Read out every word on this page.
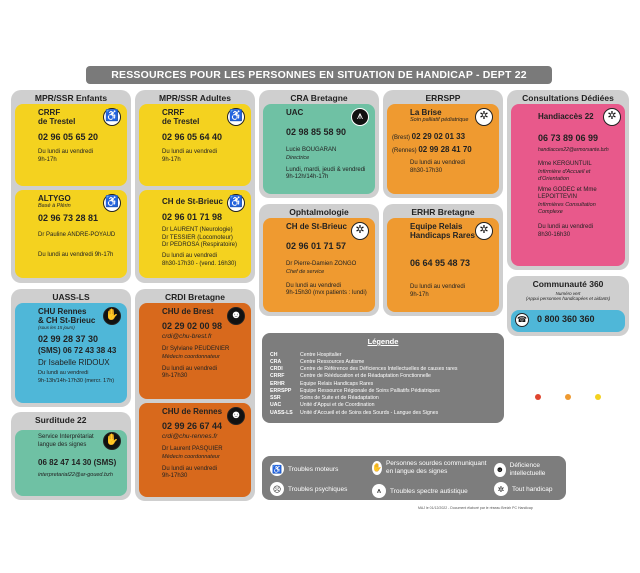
RESSOURCES POUR LES PERSONNES EN SITUATION DE HANDICAP - DEPT 22
MPR/SSR Enfants
CRRF
de Trestel
02 96 05 65 20
Du lundi au vendredi
9h-17h
♿
ALTYGO
Basé à Plérin
02 96 73 28 81
Dr Pauline ANDRE-POYAUD
Du lundi au vendredi 9h-17h
♿
MPR/SSR Adultes
CRRF
de Trestel
02 96 05 64 40
Du lundi au vendredi
9h-17h
♿
CH de St-Brieuc
02 96 01 71 98
Dr LAURENT (Neurologie)
Dr TESSIER (Locomoteur)
Dr PEDROSA (Respiratoire)
Du lundi au vendredi
8h30-17h30 - (vend. 16h30)
♿
CRA Bretagne
UAC
02 98 85 58 90
Lucie BOUGARAN
Directrice
Lundi, mardi, jeudi & vendredi
9h-12h/14h-17h
⩚
ERRSPP
La Brise
Soin palliatif pédiatrique
(Brest) 02 29 02 01 33
(Rennes) 02 99 28 41 70
Du lundi au vendredi
8h30-17h30
✲
Consultations Dédiées
Handiaccès 22
06 73 89 06 99
handiacces22@armorsante.bzh
Mme KERGUNTUIL
Infirmière d'Accueil et d'Orientation
Mme GODEC et Mme LEPOITTEVIN
Infirmières Consultation Complexe
Du lundi au vendredi
8h30-16h30
✲
Ophtalmologie
CH de St-Brieuc
02 96 01 71 57
Dr Pierre-Damien ZONGO
Chef de service
Du lundi au vendredi
9h-15h30 (nvx patients : lundi)
✲
ERHR Bretagne
Equipe Relais
Handicaps Rares
06 64 95 48 73
Du lundi au vendredi
9h-17h
✲
Communauté 360
Numéro vert
(Appui personnes handicapées et aidants)
☎ 0 800 360 360
UASS-LS
CHU Rennes
& CH St-Brieuc
(sous les 15 jours)
02 99 28 37 30
(SMS) 06 72 43 38 43
Dr Isabelle RIDOUX
Du lundi au vendredi
9h-13h/14h-17h30 (mercr. 17h)
✋
Surditude 22
Service Interprétariat
langue des signes
06 82 47 14 30 (SMS)
interpretariat22@ar-goued.bzh
✋
CRDI Bretagne
CHU de Brest
02 29 02 00 98
crdi@chu-brest.fr
Dr Sylviane PEUDENIER
Médecin coordonnateur
Du lundi au vendredi
9h-17h30
☻
CHU de Rennes
02 99 26 67 44
crdi@chu-rennes.fr
Dr Laurent PASQUIER
Médecin coordonnateur
Du lundi au vendredi
9h-17h30
☻
Légende
CH	Centre Hospitalier
CRA	Centre Ressources Autisme
CRDI	Centre de Référence des Déficiences Intellectuelles de causes rares
CRRF	Centre de Rééducation et de Réadaptation Fonctionnelle
ERHR	Equipe Relais Handicaps Rares
ERRSPP	Equipe Ressource Régionale de Soins Palliatifs Pédiatriques
SSR	Soins de Suite et de Réadaptation
UAC	Unité d'Appui et de Coordination
UASS-LS	Unité d'Accueil et de Soins des Sourds - Langue des Signes
♿ Troubles moteurs
☹	Troubles psychiques
✋ Personnes sourdes communiquant en langue des signes
⩚	Troubles spectre autistique
☻ Déficience intellectuelle
✲	Tout handicap
MAJ le 01/12/2022 - Document élaboré par le réseau Breizh PC Handicap
